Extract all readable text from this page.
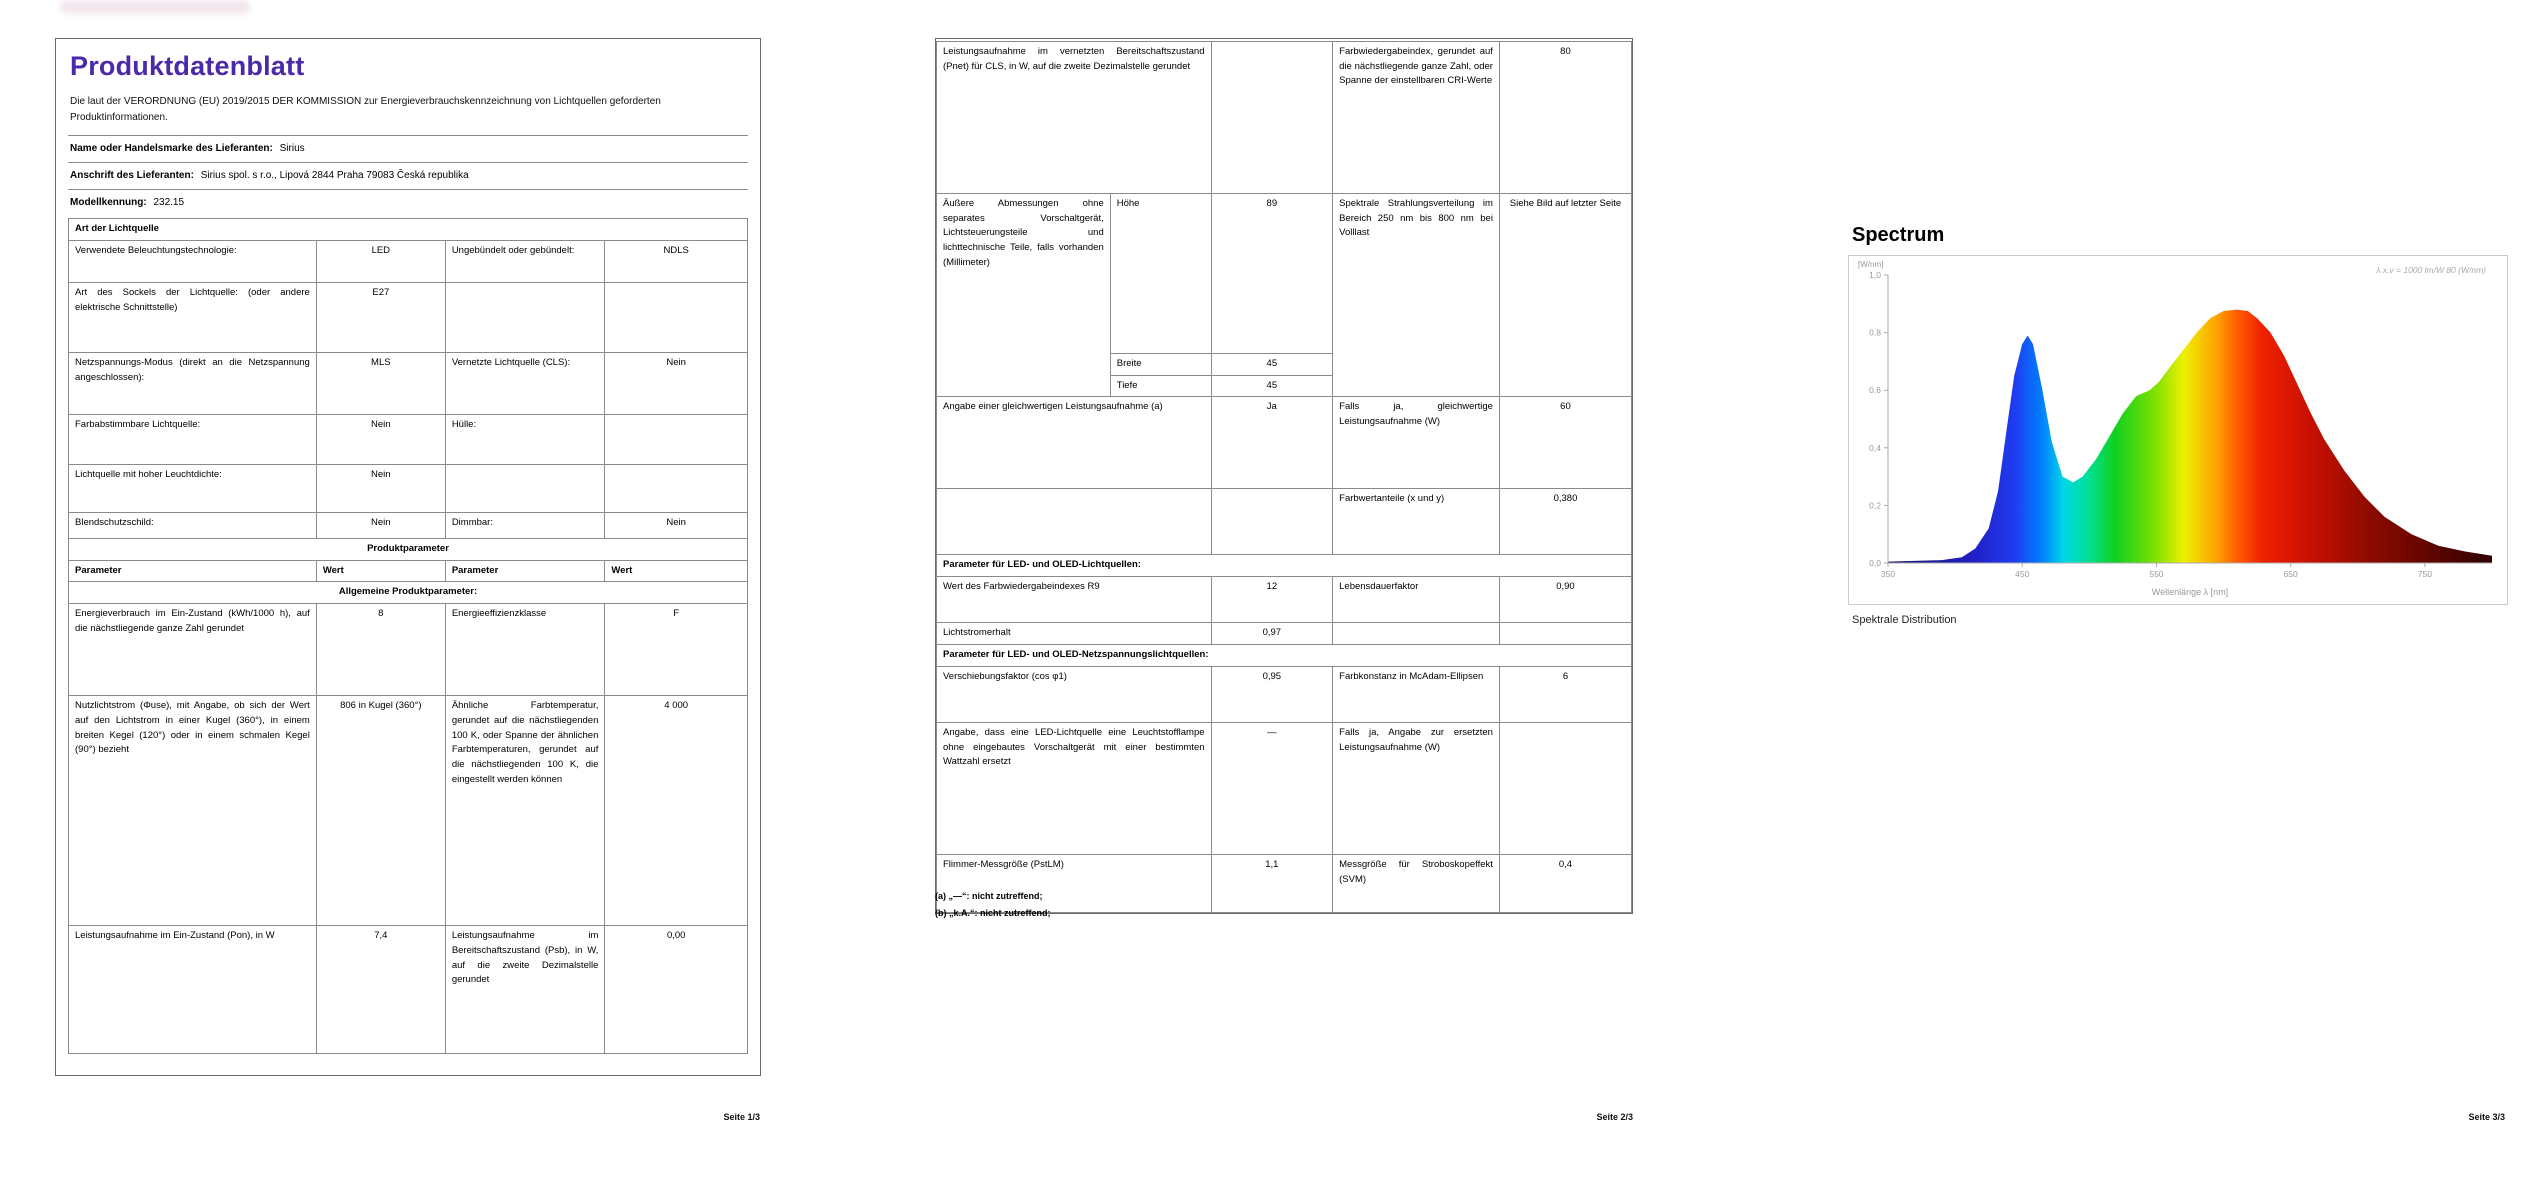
Produktdatenblatt
Die laut der VERORDNUNG (EU) 2019/2015 DER KOMMISSION zur Energieverbrauchskennzeichnung von Lichtquellen geforderten Produktinformationen.
Name oder Handelsmarke des Lieferanten: Sirius
Anschrift des Lieferanten: Sirius spol. s r.o., Lipová 2844 Praha 79083 Česká republika
Modellkennung: 232.15
Art der Lichtquelle			
Verwendete Beleuchtungstechnologie:	LED	Ungebündelt oder gebündelt:	NDLS
Art des Sockels der Lichtquelle: (oder andere elektrische Schnittstelle)	E27		
Netzspannungs-Modus (direkt an die Netzspannung angeschlossen):	MLS	Vernetzte Lichtquelle (CLS):	Nein
Farbabstimmbare Lichtquelle:	Nein	Hülle:	
Lichtquelle mit hoher Leuchtdichte:	Nein		
Blendschutzschild:	Nein	Dimmbar:	Nein
Produktparameter			
Parameter	Wert	Parameter	Wert
Allgemeine Produktparameter:			
Energieverbrauch im Ein-Zustand (kWh/1000 h), auf die nächstliegende ganze Zahl gerundet	8	Energieeffizienzklasse	F
Nutzlichtstrom (Φuse), mit Angabe, ob sich der Wert auf den Lichtstrom in einer Kugel (360°), in einem breiten Kegel (120°) oder in einem schmalen Kegel (90°) bezieht	806 in Kugel (360°)	Ähnliche Farbtemperatur, gerundet auf die nächstliegenden 100 K, oder Spanne der ähnlichen Farbtemperaturen, gerundet auf die nächstliegenden 100 K, die eingestellt werden können	4 000
Leistungsaufnahme im Ein-Zustand (Pon), in W	7,4	Leistungsaufnahme im Bereitschaftszustand (Psb), in W, auf die zweite Dezimalstelle gerundet	0,00
Leistungsaufnahme im vernetzten Bereitschaftszustand (Pnet) für CLS, in W, auf die zweite Dezimalstelle gerundet			Farbwiedergabeindex, gerundet auf die nächstliegende ganze Zahl, oder Spanne der einstellbaren CRI-Werte	80
Äußere Abmessungen ohne separates Vorschaltgerät, Lichtsteuerungsteile und lichttechnische Teile, falls vorhanden (Millimeter)	Höhe	89	Spektrale Strahlungsverteilung im Bereich 250 nm bis 800 nm bei Volllast	Siehe Bild auf letzter Seite
	Breite	45		
	Tiefe	45		
Angabe einer gleichwertigen Leistungsaufnahme (a)		Ja	Falls ja, gleichwertige Leistungsaufnahme (W)	60
			Farbwertanteile (x und y)	0,380
Parameter für LED- und OLED-Lichtquellen:				
Wert des Farbwiedergabeindexes R9		12	Lebensdauerfaktor	0,90
Lichtstromerhalt		0,97		
Parameter für LED- und OLED-Netzspannungslichtquellen:				
Verschiebungsfaktor (cos φ1)		0,95	Farbkonstanz in McAdam-Ellipsen	6
Angabe, dass eine LED-Lichtquelle eine Leuchtstofflampe ohne eingebautes Vorschaltgerät mit einer bestimmten Wattzahl ersetzt		—	Falls ja, Angabe zur ersetzten Leistungsaufnahme (W)	
Flimmer-Messgröße (PstLM)		1,1	Messgröße für Stroboskopeffekt (SVM)	0,4
(a) „—“: nicht zutreffend;
(b) „k.A.“: nicht zutreffend;
Spectrum
1,0
0,8
0,6
0,4
0,2
0,0
350	450	550	650	750
[W/nm]
Wellenlänge λ [nm]
λ x,v = 1000 lm/W 80 (W/nm)
Spektrale Distribution
Seite 1/3	Seite 2/3	Seite 3/3
